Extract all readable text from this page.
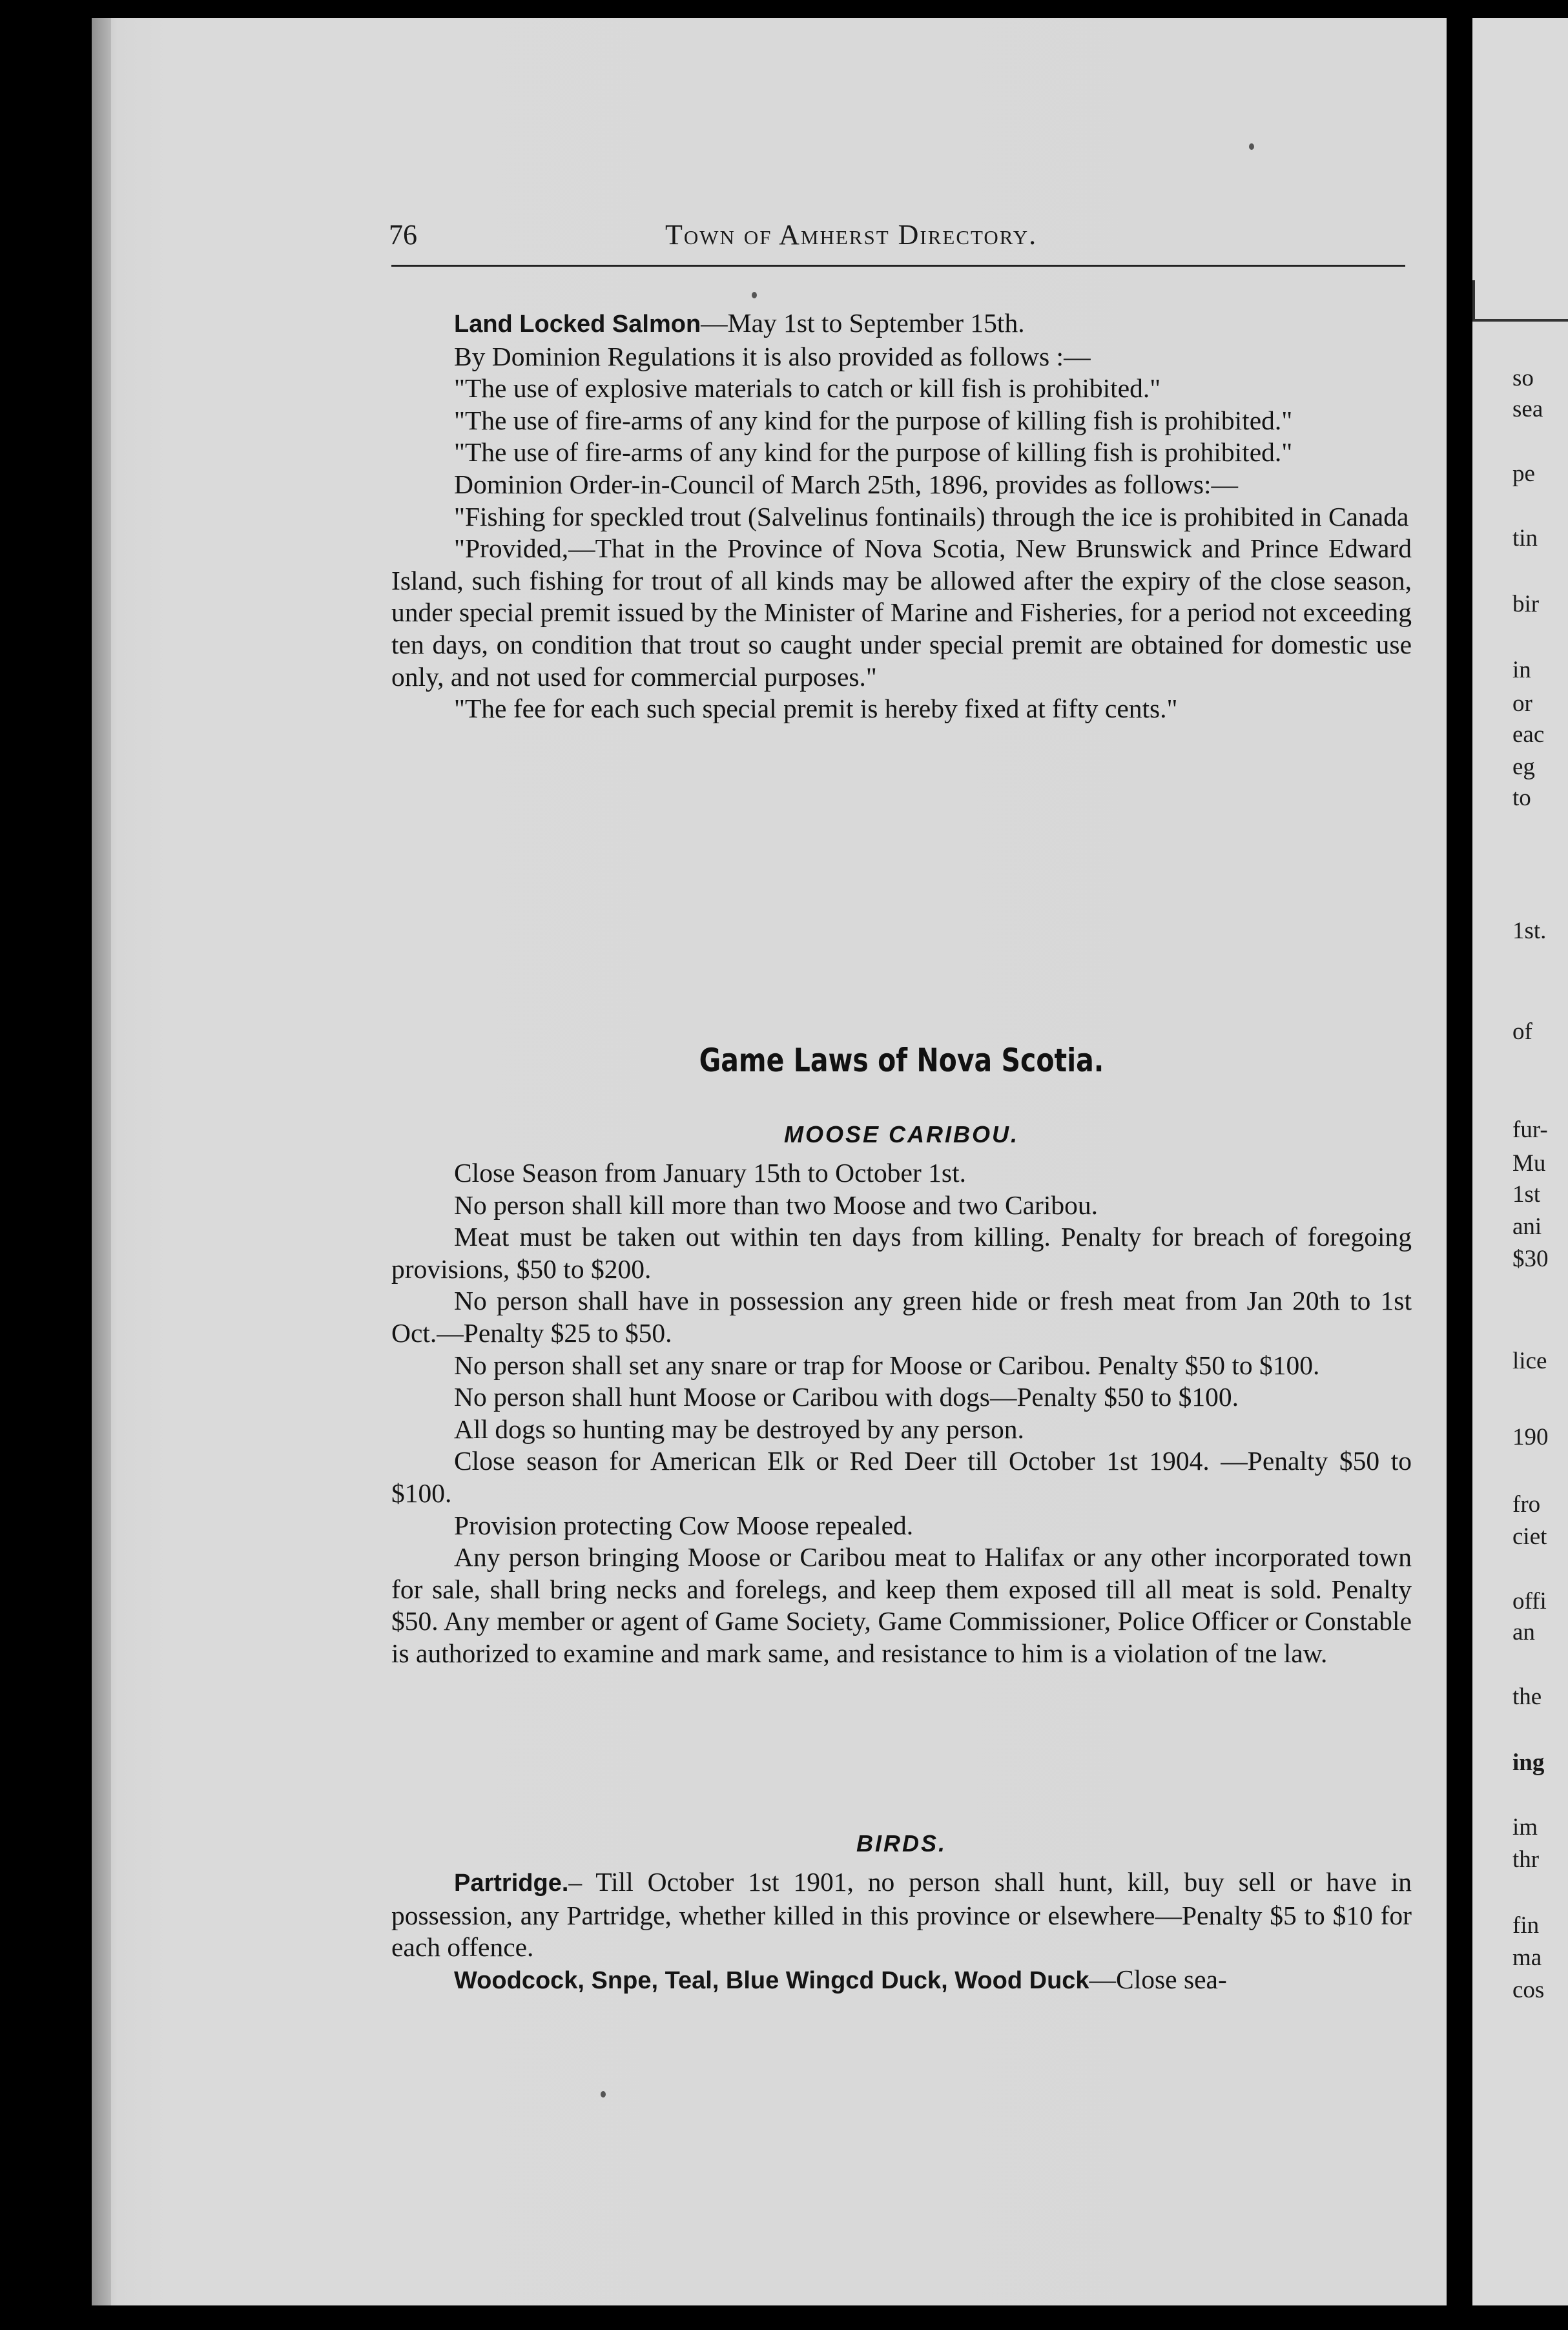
so
sea
pe
tin
bir
in
or
eac
eg
to
1st.
of
fur-
Mu
1st
ani
$30
lice
190
fro
ciet
offi
an
the
ing
im
thr
fin
ma
cos
76	Town of Amherst Directory.

Land Locked Salmon—May 1st to September 15th.

By Dominion Regulations it is also provided as follows :—

"The use of explosive materials to catch or kill fish is prohibited."

"The use of fire-arms of any kind for the purpose of killing fish is prohibited."

"The use of fire-arms of any kind for the purpose of killing fish is prohibited."

Dominion Order-in-Council of March 25th, 1896, provides as follows:—

"Fishing for speckled trout (Salvelinus fontinails) through the ice is prohibited in Canada

"Provided,—That in the Province of Nova Scotia, New Brunswick and Prince Edward Island, such fishing for trout of all kinds may be allowed after the expiry of the close season, under special premit issued by the Minister of Marine and Fisheries, for a period not exceeding ten days, on condition that trout so caught under special premit are obtained for domestic use only, and not used for commercial purposes."

"The fee for each such special premit is hereby fixed at fifty cents."

Game Laws of Nova Scotia.
MOOSE CARIBOU.

Close Season from January 15th to October 1st.

No person shall kill more than two Moose and two Caribou.

Meat must be taken out within ten days from killing. Penalty for breach of foregoing provisions, $50 to $200.

No person shall have in possession any green hide or fresh meat from Jan 20th to 1st Oct.—Penalty $25 to $50.

No person shall set any snare or trap for Moose or Caribou. Penalty $50 to $100.

No person shall hunt Moose or Caribou with dogs—Penalty $50 to $100.

All dogs so hunting may be destroyed by any person.

Close season for American Elk or Red Deer till October 1st 1904. —Penalty $50 to $100.

Provision protecting Cow Moose repealed.

Any person bringing Moose or Caribou meat to Halifax or any other incorporated town for sale, shall bring necks and forelegs, and keep them exposed till all meat is sold. Penalty $50. Any member or agent of Game Society, Game Commissioner, Police Officer or Constable is authorized to examine and mark same, and resistance to him is a violation of tne law.

BIRDS.

Partridge.– Till October 1st 1901, no person shall hunt, kill, buy sell or have in possession, any Partridge, whether killed in this province or elsewhere—Penalty $5 to $10 for each offence.

Woodcock, Snpe, Teal, Blue Wingcd Duck, Wood Duck—Close sea-
